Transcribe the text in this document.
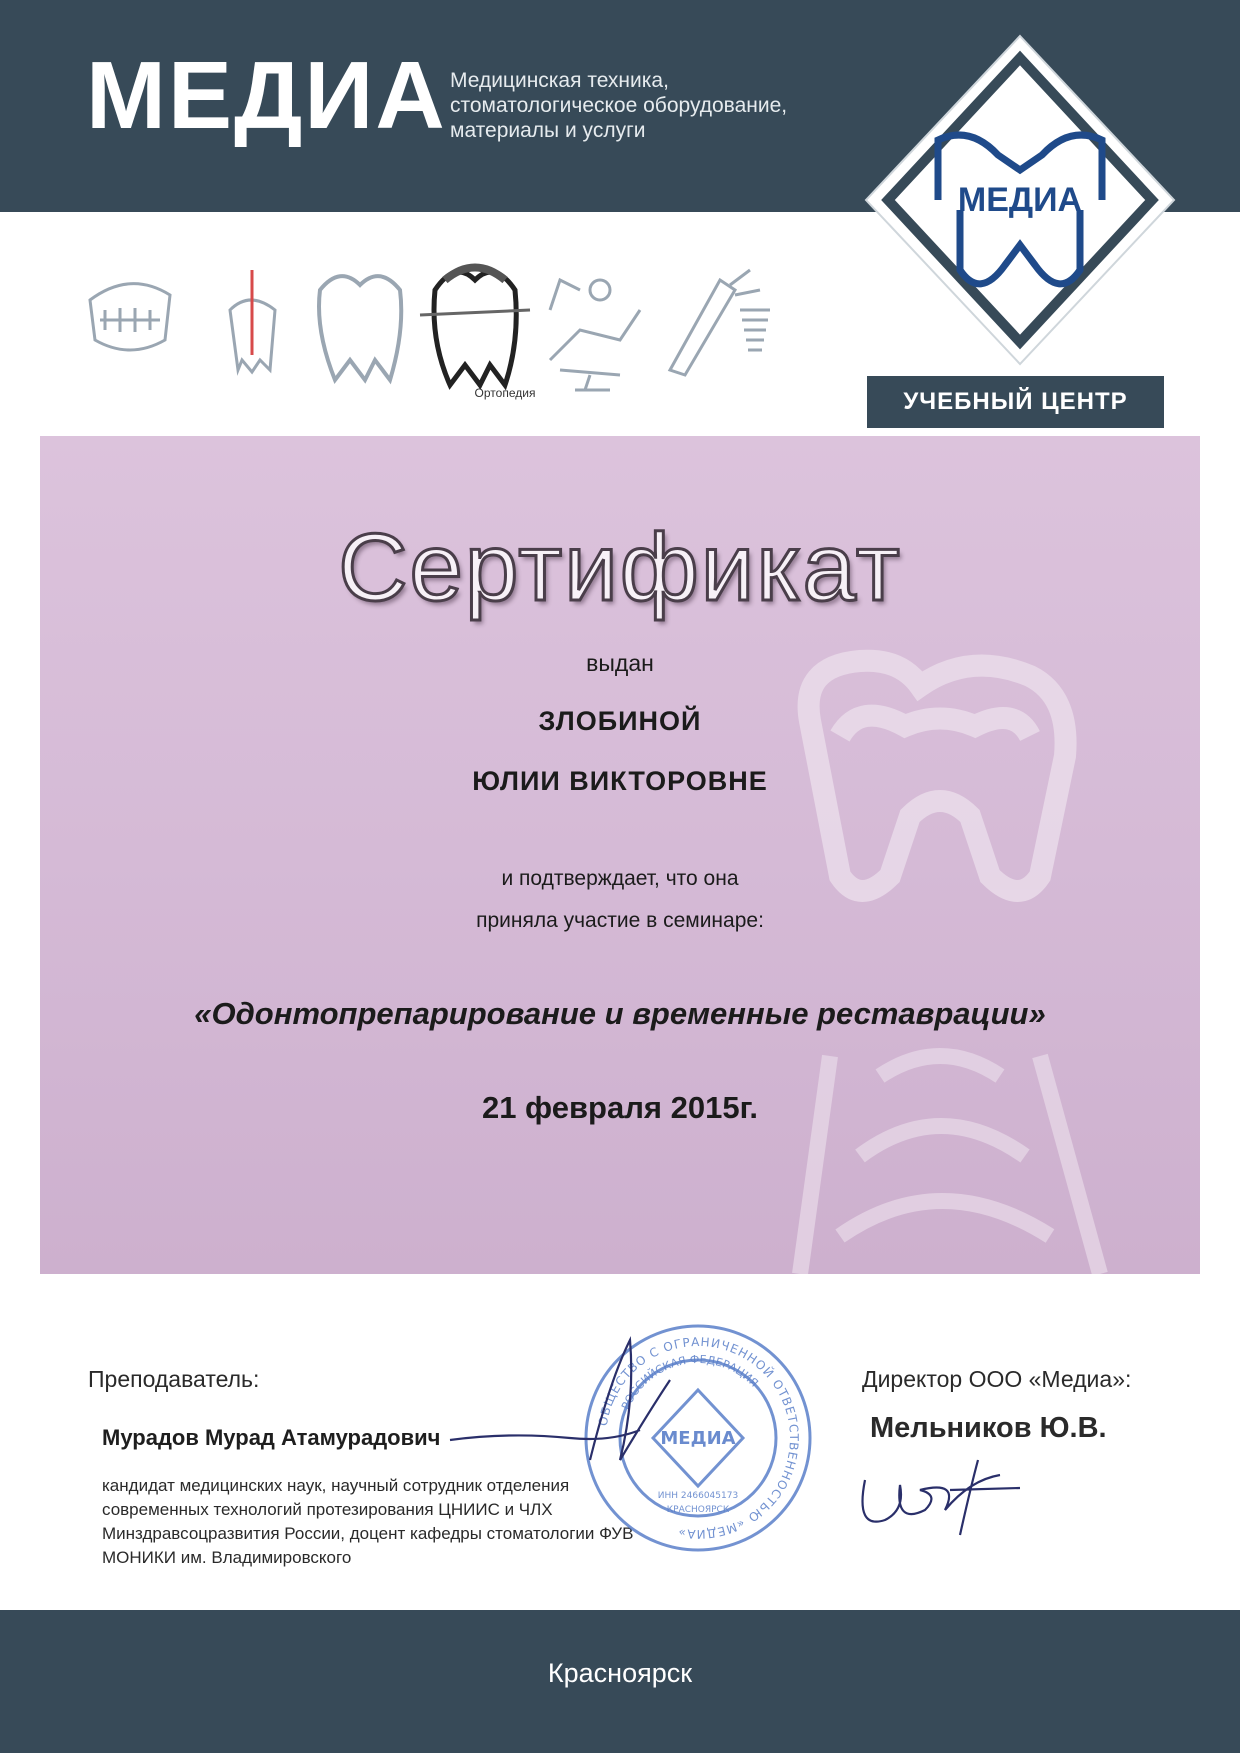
МЕДИА Медицинская техника,
стоматологическое оборудование,
материалы и услуги
МЕДИА
Ортопедия	УЧЕБНЫЙ ЦЕНТР
Сертификат
выдан
ЗЛОБИНОЙ
ЮЛИИ ВИКТОРОВНЕ
и подтверждает, что она
приняла участие в семинаре:
«Одонтопрепарирование и временные реставрации»
21 февраля 2015г.
Преподаватель:
Мурадов Мурад Атамурадович
кандидат медицинских наук, научный сотрудник отделения
современных технологий протезирования ЦНИИС и ЧЛХ
Минздравсоцразвития России, доцент кафедры стоматологии ФУВ
МОНИКИ им. Владимировского
Директор ООО «Медиа»:
Мельников Ю.В.
ОБЩЕСТВО С ОГРАНИЧЕННОЙ ОТВЕТСТВЕННОСТЬЮ «МЕДИА»
РОССИЙСКАЯ ФЕДЕРАЦИЯ
МЕДИА
ИНН 2466045173
КРАСНОЯРСК
Красноярск
